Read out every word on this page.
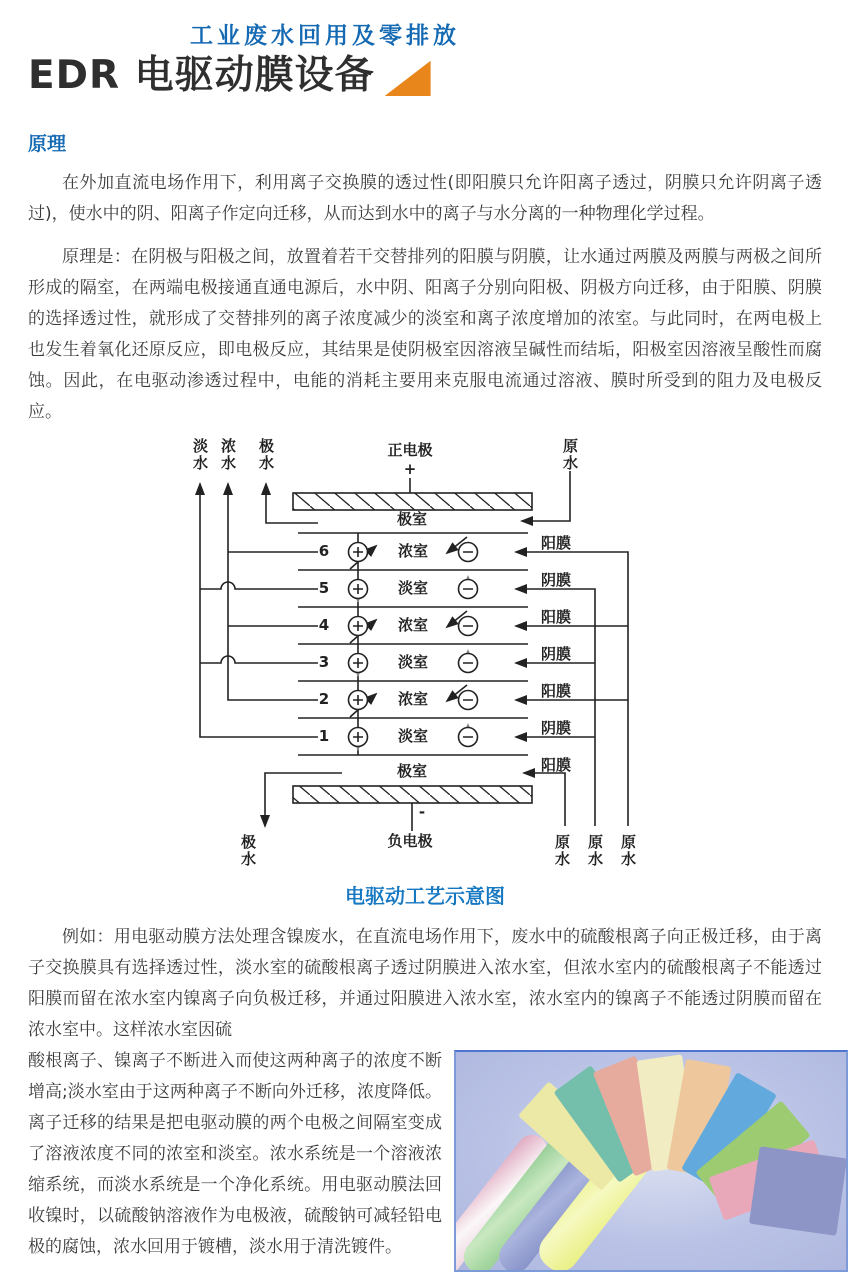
工业废水回用及零排放
EDR 电驱动膜设备
原理

在外加直流电场作用下，利用离子交换膜的透过性(即阳膜只允许阳离子透过，阴膜只允许阴离子透过)，使水中的阴、阳离子作定向迁移，从而达到水中的离子与水分离的一种物理化学过程。

原理是：在阴极与阳极之间，放置着若干交替排列的阳膜与阴膜，让水通过两膜及两膜与两极之间所形成的隔室，在两端电极接通直通电源后，水中阴、阳离子分别向阳极、阴极方向迁移，由于阳膜、阴膜的选择透过性，就形成了交替排列的离子浓度减少的淡室和离子浓度增加的浓室。与此同时，在两电极上也发生着氧化还原反应，即电极反应，其结果是使阴极室因溶液呈碱性而结垢，阳极室因溶液呈酸性而腐蚀。因此，在电驱动渗透过程中，电能的消耗主要用来克服电流通过溶液、膜时所受到的阻力及电极反应。

淡水
浓水
极水
正电极
+
原水
极室
阳膜
阴膜
阳膜
阴膜
阳膜
阴膜
阳膜
6	浓室
5	淡室
4	浓室
3	淡室
2	浓室
1	淡室
极室
-
负电极
极水
原水
原水
原水
电驱动工艺示意图

例如：用电驱动膜方法处理含镍废水，在直流电场作用下，废水中的硫酸根离子向正极迁移，由于离子交换膜具有选择透过性，淡水室的硫酸根离子透过阴膜进入浓水室，但浓水室内的硫酸根离子不能透过阳膜而留在浓水室内镍离子向负极迁移，并通过阳膜进入浓水室，浓水室内的镍离子不能透过阴膜而留在浓水室中。这样浓水室因硫

酸根离子、镍离子不断进入而使这两种离子的浓度不断增高;淡水室由于这两种离子不断向外迁移，浓度降低。离子迁移的结果是把电驱动膜的两个电极之间隔室变成了溶液浓度不同的浓室和淡室。浓水系统是一个溶液浓缩系统，而淡水系统是一个净化系统。用电驱动膜法回收镍时，以硫酸钠溶液作为电极液，硫酸钠可减轻铅电极的腐蚀，浓水回用于镀槽，淡水用于清洗镀件。
